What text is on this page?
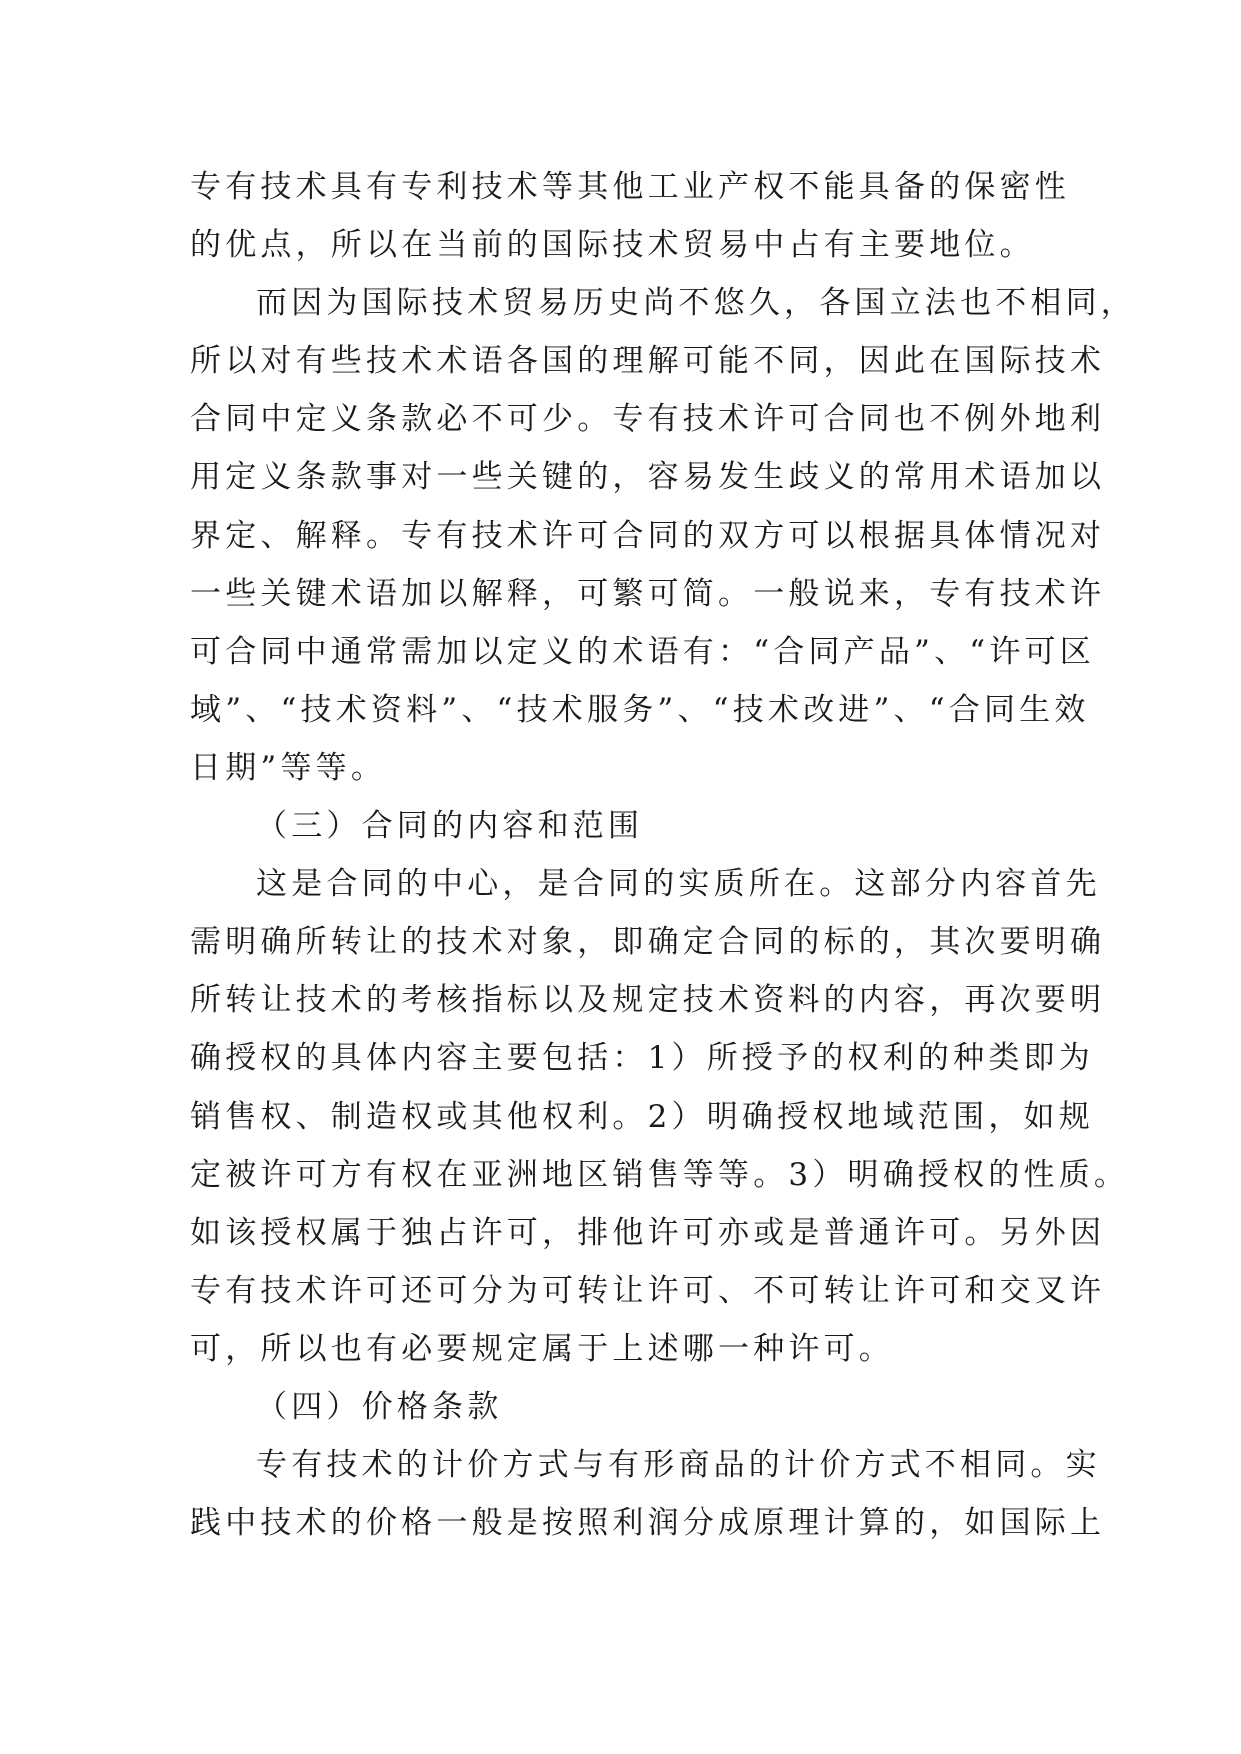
专有技术具有专利技术等其他工业产权不能具备的保密性
的优点，所以在当前的国际技术贸易中占有主要地位。
而因为国际技术贸易历史尚不悠久，各国立法也不相同，
所以对有些技术术语各国的理解可能不同，因此在国际技术
合同中定义条款必不可少。专有技术许可合同也不例外地利
用定义条款事对一些关键的，容易发生歧义的常用术语加以
界定、解释。专有技术许可合同的双方可以根据具体情况对
一些关键术语加以解释，可繁可简。一般说来，专有技术许
可合同中通常需加以定义的术语有：“合同产品”、“许可区
域”、“技术资料”、“技术服务”、“技术改进”、“合同生效
日期”等等。
（三）合同的内容和范围
这是合同的中心，是合同的实质所在。这部分内容首先
需明确所转让的技术对象，即确定合同的标的，其次要明确
所转让技术的考核指标以及规定技术资料的内容，再次要明
确授权的具体内容主要包括：1）所授予的权利的种类即为
销售权、制造权或其他权利。2）明确授权地域范围，如规
定被许可方有权在亚洲地区销售等等。3）明确授权的性质。
如该授权属于独占许可，排他许可亦或是普通许可。另外因
专有技术许可还可分为可转让许可、不可转让许可和交叉许
可，所以也有必要规定属于上述哪一种许可。
（四）价格条款
专有技术的计价方式与有形商品的计价方式不相同。实
践中技术的价格一般是按照利润分成原理计算的，如国际上
